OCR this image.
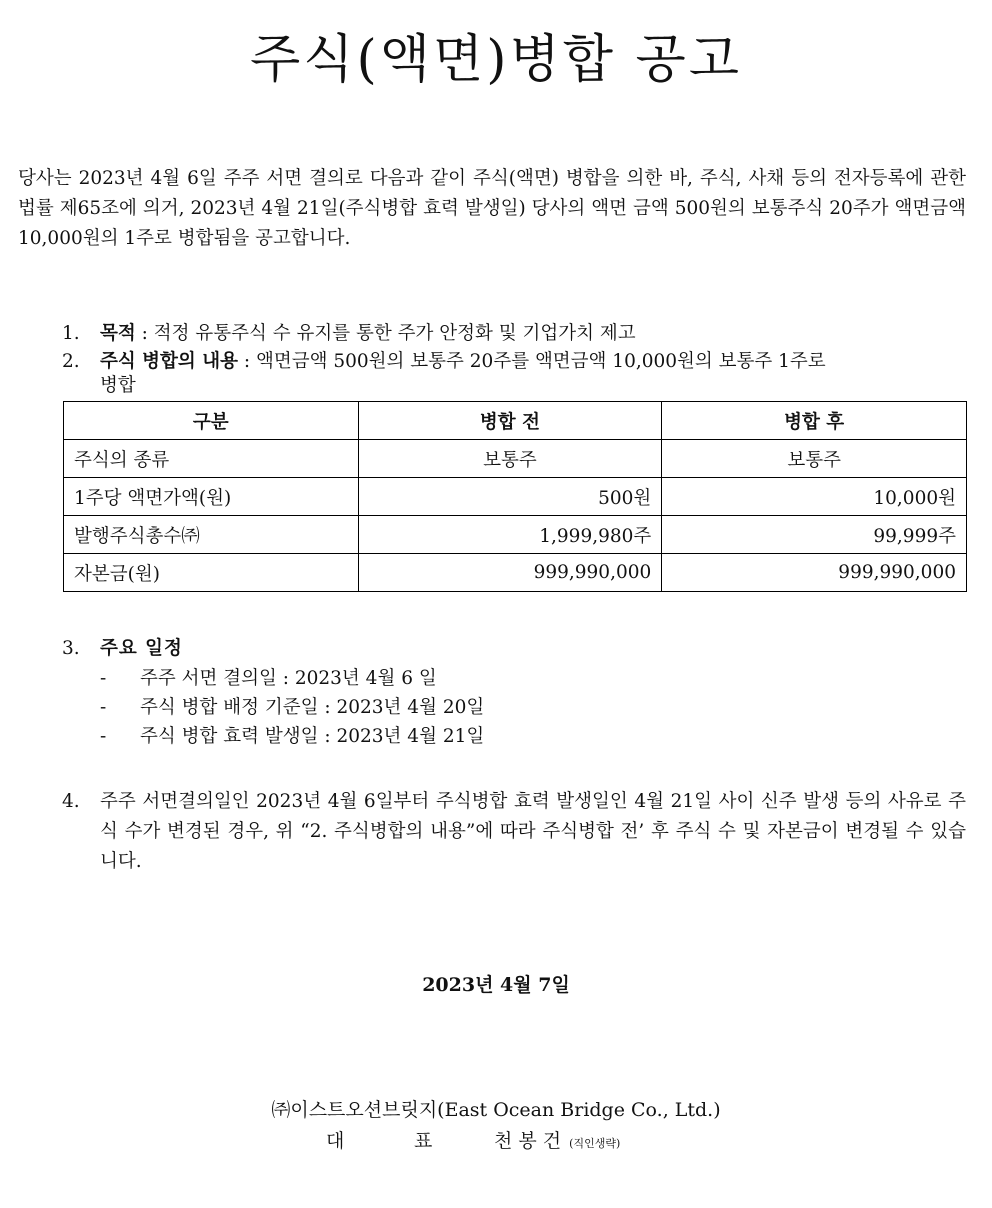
주식(액면)병합 공고
당사는 2023년 4월 6일 주주 서면 결의로 다음과 같이 주식(액면) 병합을 의한 바, 주식, 사채 등의 전자등록에 관한 법률 제65조에 의거, 2023년 4월 21일(주식병합 효력 발생일) 당사의 액면 금액 500원의 보통주식 20주가 액면금액 10,000원의 1주로 병합됨을 공고합니다.
1. 목적 : 적정 유통주식 수 유지를 통한 주가 안정화 및 기업가치 제고
2. 주식 병합의 내용 : 액면금액 500원의 보통주 20주를 액면금액 10,000원의 보통주 1주로
병합
구분	병합 전	병합 후
주식의 종류	보통주	보통주
1주당 액면가액(원)	500원	10,000원
발행주식총수㈜	1,999,980주	99,999주
자본금(원)	999,990,000	999,990,000
3. 주요 일정
- 주주 서면 결의일 : 2023년 4월 6 일
- 주식 병합 배정 기준일 : 2023년 4월 20일
- 주식 병합 효력 발생일 : 2023년 4월 21일
4. 주주 서면결의일인 2023년 4월 6일부터 주식병합 효력 발생일인 4월 21일 사이 신주 발생 등의 사유로 주식 수가 변경된 경우, 위 “2. 주식병합의 내용”에 따라 주식병합 전’ 후 주식 수 및 자본금이 변경될 수 있습니다.
2023년 4월 7일
㈜이스트오션브릿지(East Ocean Bridge Co., Ltd.)
대	표	천 봉 건 (직인생략)
